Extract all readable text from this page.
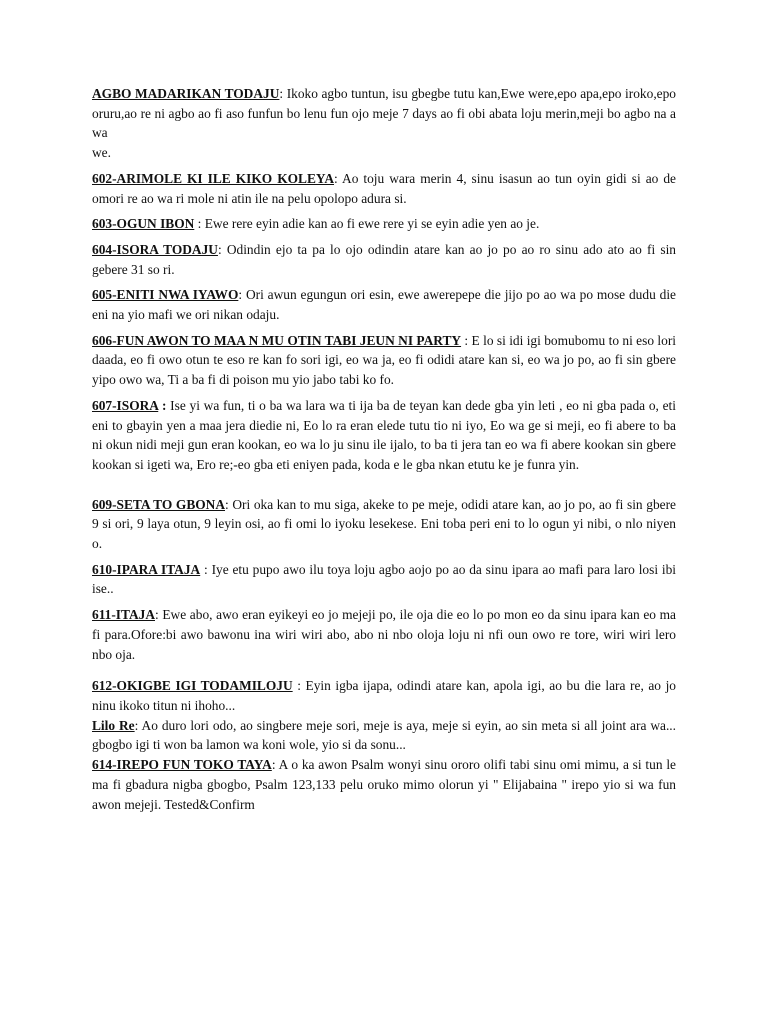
AGBO MADARIKAN TODAJU: Ikoko agbo tuntun, isu gbegbe tutu kan,Ewe were,epo apa,epo iroko,epo oruru,ao re ni agbo ao fi aso funfun bo lenu fun ojo meje 7 days ao fi obi abata loju merin,meji bo agbo na a wa
we.

602-ARIMOLE KI ILE KIKO KOLEYA: Ao toju wara merin 4, sinu isasun ao tun oyin gidi si ao de omori re ao wa ri mole ni atin ile na pelu opolopo adura si.

603-OGUN IBON : Ewe rere eyin adie kan ao fi ewe rere yi se eyin adie yen ao je.

604-ISORA TODAJU: Odindin ejo ta pa lo ojo odindin atare kan ao jo po ao ro sinu ado ato ao fi sin gebere 31 so ri.

605-ENITI NWA IYAWO: Ori awun egungun ori esin, ewe awerepepe die jijo po ao wa po mose dudu die eni na yio mafi we ori nikan odaju.

606-FUN AWON TO MAA N MU OTIN TABI JEUN NI PARTY : E lo si idi igi bomubomu to ni eso lori daada, eo fi owo otun te eso re kan fo sori igi, eo wa ja, eo fi odidi atare kan si, eo wa jo po, ao fi sin gbere yipo owo wa, Ti a ba fi di poison mu yio jabo tabi ko fo.

607-ISORA : Ise yi wa fun, ti o ba wa lara wa ti ija ba de teyan kan dede gba yin leti , eo ni gba pada o, eti eni to gbayin yen a maa jera diedie ni, Eo lo ra eran elede tutu tio ni iyo, Eo wa ge si meji, eo fi abere to ba ni okun nidi meji gun eran kookan, eo wa lo ju sinu ile ijalo, to ba ti jera tan eo wa fi abere kookan sin gbere kookan si igeti wa, Ero re;-eo gba eti eniyen pada, koda e le gba nkan etutu ke je funra yin.

609-SETA TO GBONA: Ori oka kan to mu siga, akeke to pe meje, odidi atare kan, ao jo po, ao fi sin gbere 9 si ori, 9 laya otun, 9 leyin osi, ao fi omi lo iyoku lesekese. Eni toba peri eni to lo ogun yi nibi, o nlo niyen o.

610-IPARA ITAJA : Iye etu pupo awo ilu toya loju agbo aojo po ao da sinu ipara ao mafi para laro losi ibi ise..

611-ITAJA: Ewe abo, awo eran eyikeyi eo jo mejeji po, ile oja die eo lo po mon eo da sinu ipara kan eo ma fi para.Ofore:bi awo bawonu ina wiri wiri abo, abo ni nbo oloja loju ni nfi oun owo re tore, wiri wiri lero nbo oja.

612-OKIGBE IGI TODAMILOJU : Eyin igba ijapa, odindi atare kan, apola igi, ao bu die lara re, ao jo ninu ikoko titun ni ihoho...

Lilo Re: Ao duro lori odo, ao singbere meje sori, meje is aya, meje si eyin, ao sin meta si all joint ara wa... gbogbo igi ti won ba lamon wa koni wole, yio si da sonu...

614-IREPO FUN TOKO TAYA: A o ka awon Psalm wonyi sinu ororo olifi tabi sinu omi mimu, a si tun le ma fi gbadura nigba gbogbo, Psalm 123,133 pelu oruko mimo olorun yi " Elijabaina " irepo yio si wa fun awon mejeji. Tested&Confirm
